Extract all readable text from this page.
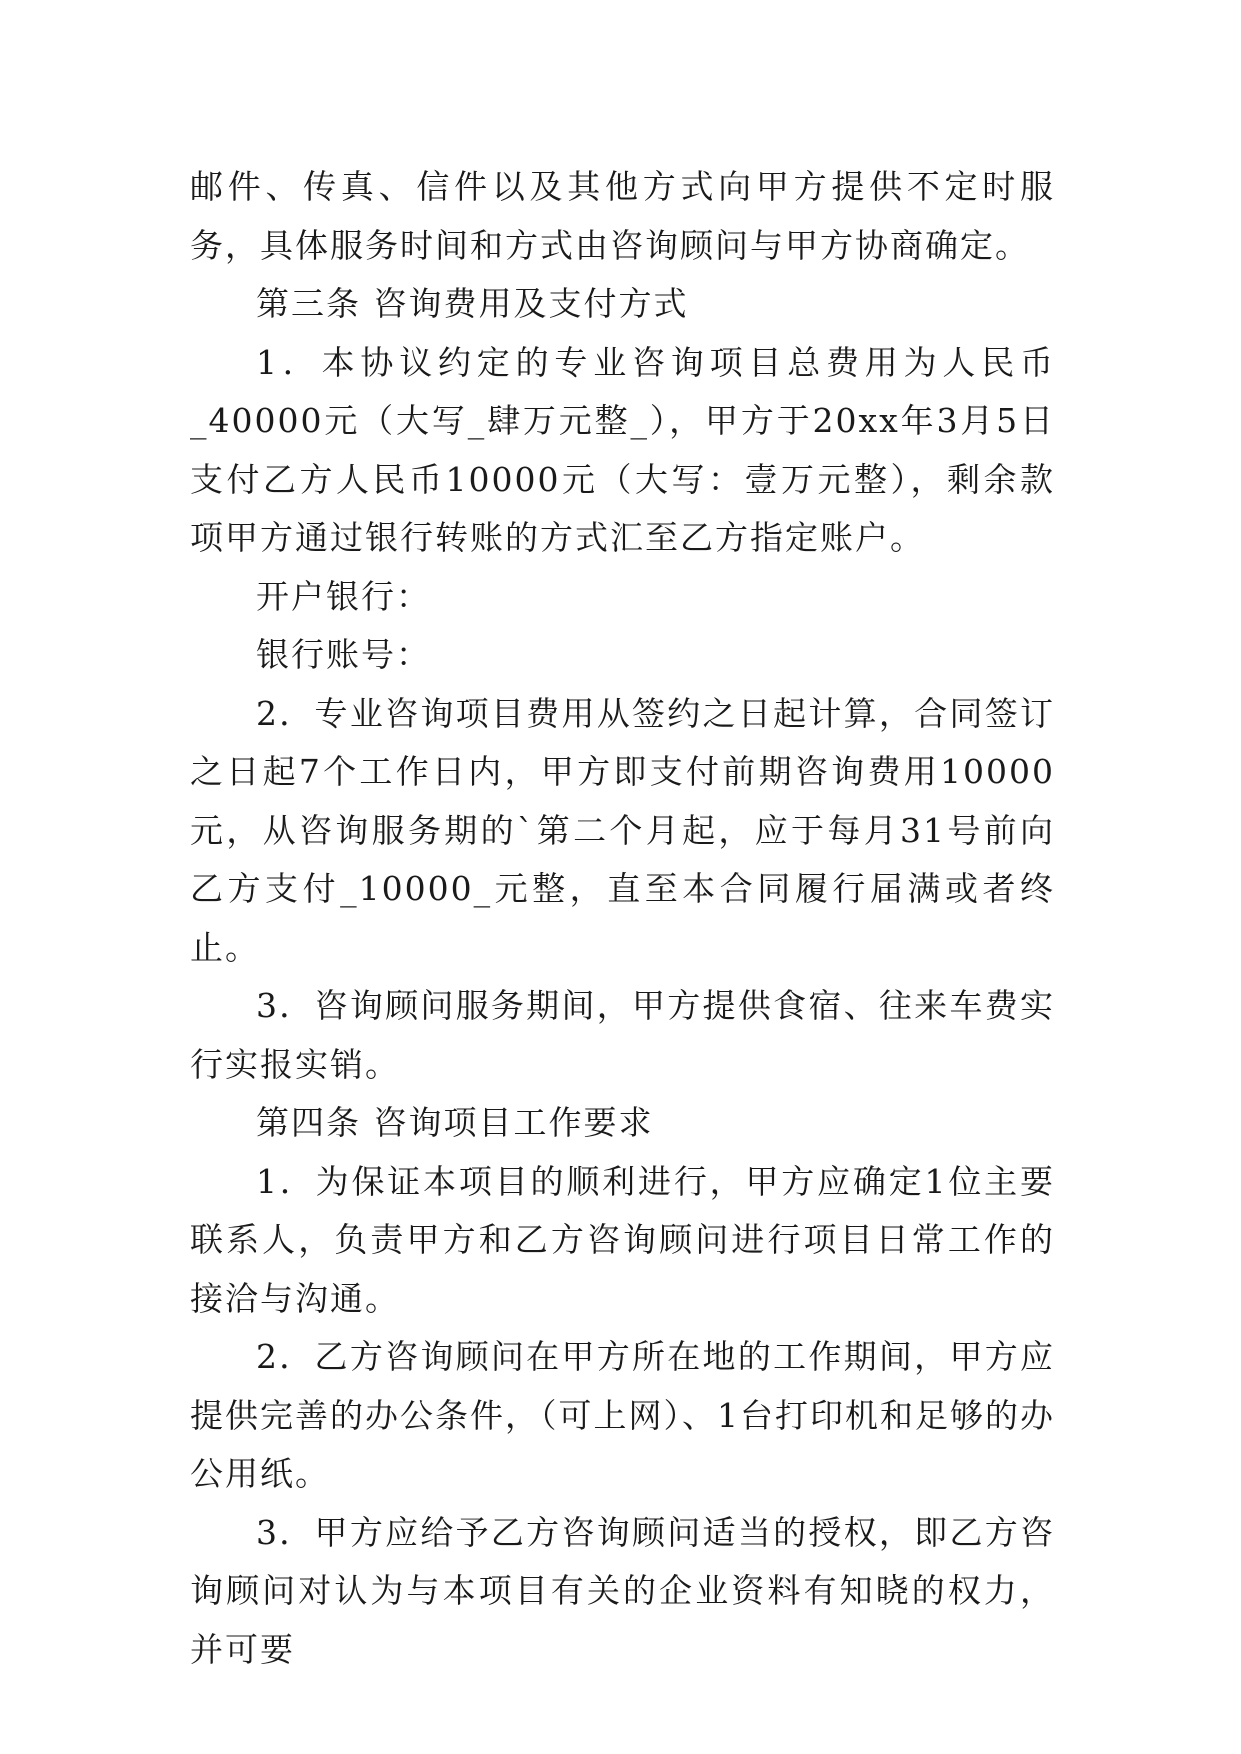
邮件、传真、信件以及其他方式向甲方提供不定时服务，具体服务时间和方式由咨询顾问与甲方协商确定。

第三条 咨询费用及支付方式

1．本协议约定的专业咨询项目总费用为人民币_40000元（大写_肆万元整_），甲方于20xx年3月5日支付乙方人民币10000元（大写：壹万元整），剩余款项甲方通过银行转账的方式汇至乙方指定账户。

开户银行：

银行账号：

2．专业咨询项目费用从签约之日起计算，合同签订之日起7个工作日内，甲方即支付前期咨询费用10000元，从咨询服务期的`第二个月起，应于每月31号前向乙方支付_10000_元整，直至本合同履行届满或者终止。

3．咨询顾问服务期间，甲方提供食宿、往来车费实行实报实销。

第四条 咨询项目工作要求

1．为保证本项目的顺利进行，甲方应确定1位主要联系人，负责甲方和乙方咨询顾问进行项目日常工作的接洽与沟通。

2．乙方咨询顾问在甲方所在地的工作期间，甲方应提供完善的办公条件，（可上网）、1台打印机和足够的办公用纸。

3．甲方应给予乙方咨询顾问适当的授权，即乙方咨询顾问对认为与本项目有关的企业资料有知晓的权力，并可要
